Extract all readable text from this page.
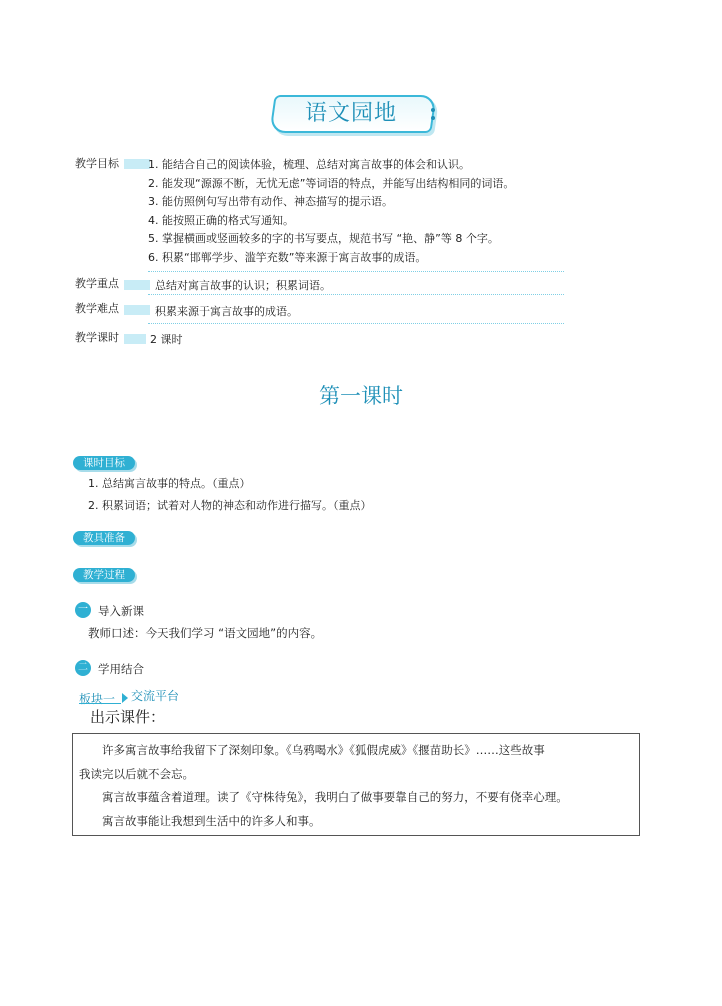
语文园地
教学目标	1. 能结合自己的阅读体验，梳理、总结对寓言故事的体会和认识。
2. 能发现“源源不断，无忧无虑”等词语的特点，并能写出结构相同的词语。
3. 能仿照例句写出带有动作、神态描写的提示语。
4. 能按照正确的格式写通知。
5. 掌握横画或竖画较多的字的书写要点，规范书写 “艳、静”等 8 个字。
6. 积累“邯郸学步、滥竽充数”等来源于寓言故事的成语。
教学重点	总结对寓言故事的认识；积累词语。
教学难点	积累来源于寓言故事的成语。
教学课时	2 课时
第一课时
课时目标
1. 总结寓言故事的特点。（重点）
2. 积累词语；试着对人物的神态和动作进行描写。（重点）
教具准备
教学过程
一 导入新课
教师口述：今天我们学习 “语文园地”的内容。
二 学用结合
板块一 交流平台
出示课件：

许多寓言故事给我留下了深刻印象。《乌鸦喝水》《狐假虎威》《揠苗助长》……这些故事

我读完以后就不会忘。

寓言故事蕴含着道理。读了《守株待兔》，我明白了做事要靠自己的努力，不要有侥幸心理。

寓言故事能让我想到生活中的许多人和事。
